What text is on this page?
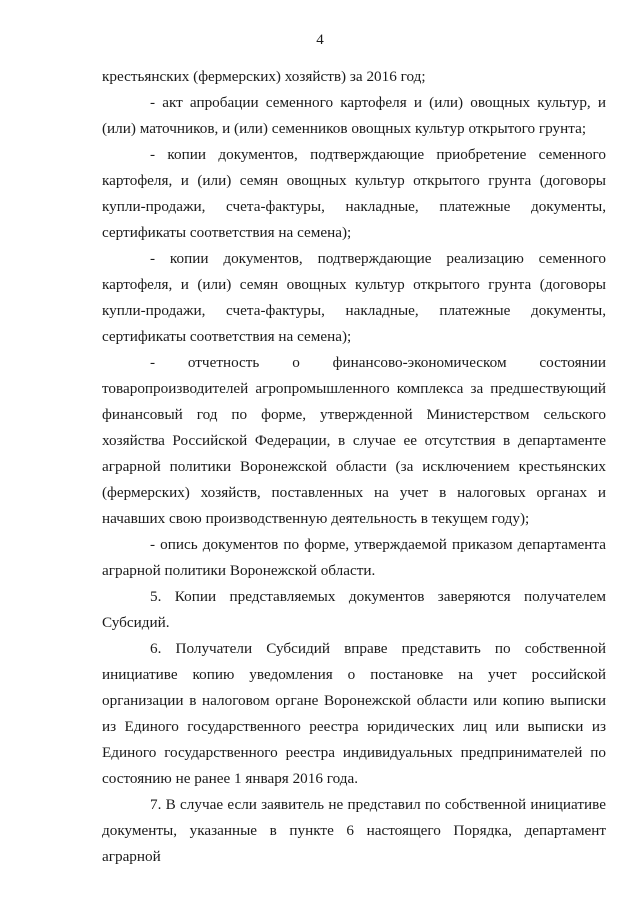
4

крестьянских (фермерских) хозяйств) за 2016 год;

- акт апробации семенного картофеля и (или) овощных культур, и (или) маточников, и (или) семенников овощных культур открытого грунта;

- копии документов, подтверждающие приобретение семенного картофеля, и (или) семян овощных культур открытого грунта (договоры купли-продажи, счета-фактуры, накладные, платежные документы, сертификаты соответствия на семена);

- копии документов, подтверждающие реализацию семенного картофеля, и (или) семян овощных культур открытого грунта (договоры купли-продажи, счета-фактуры, накладные, платежные документы, сертификаты соответствия на семена);

- отчетность о финансово-экономическом состоянии товаропроизводителей агропромышленного комплекса за предшествующий финансовый год по форме, утвержденной Министерством сельского хозяйства Российской Федерации, в случае ее отсутствия в департаменте аграрной политики Воронежской области (за исключением крестьянских (фермерских) хозяйств, поставленных на учет в налоговых органах и начавших свою производственную деятельность в текущем году);

- опись документов по форме, утверждаемой приказом департамента аграрной политики Воронежской области.

5. Копии представляемых документов заверяются получателем Субсидий.

6. Получатели Субсидий вправе представить по собственной инициативе копию уведомления о постановке на учет российской организации в налоговом органе Воронежской области или копию выписки из Единого государственного реестра юридических лиц или выписки из Единого государственного реестра индивидуальных предпринимателей по состоянию не ранее 1 января 2016 года.

7. В случае если заявитель не представил по собственной инициативе документы, указанные в пункте 6 настоящего Порядка, департамент аграрной
